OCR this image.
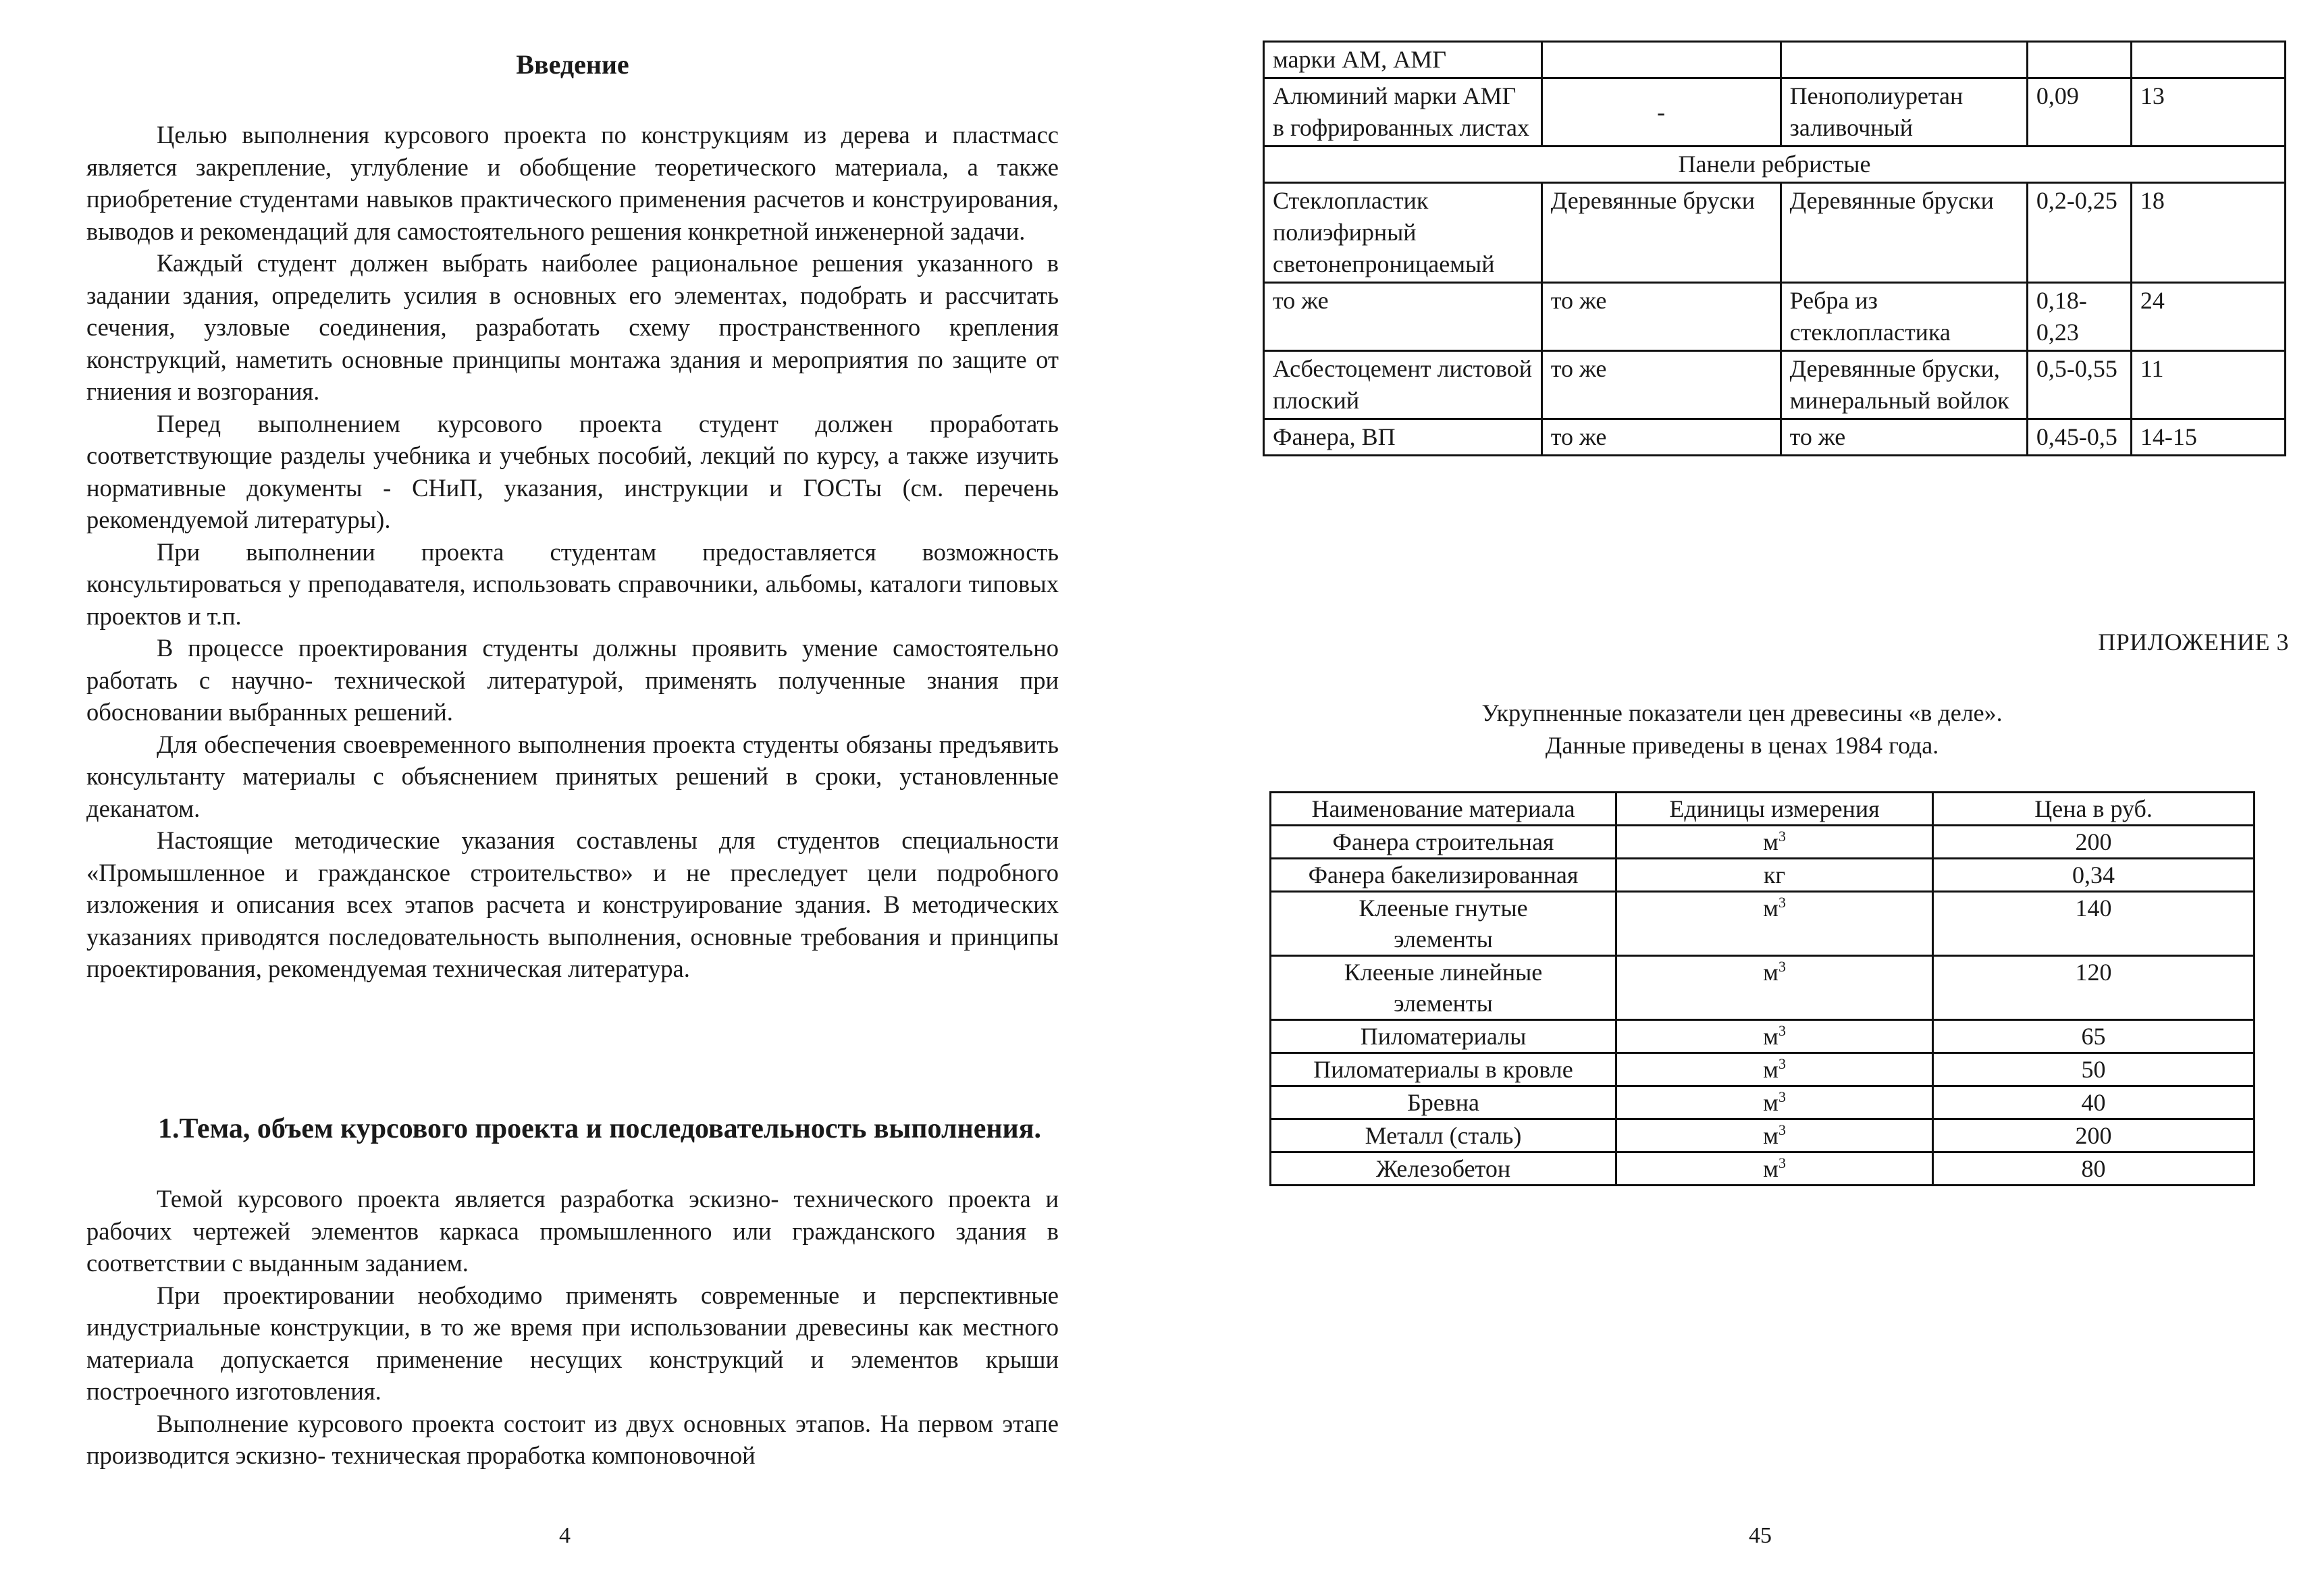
Введение

Целью выполнения курсового проекта по конструкциям из дерева и пластмасс является закрепление, углубление и обобщение теоретического материала, а также приобретение студентами навыков практического применения расчетов и конструирования, выводов и рекомендаций для самостоятельного решения конкретной инженерной задачи.

Каждый студент должен выбрать наиболее рациональное решения указанного в задании здания, определить усилия в основных его элементах, подобрать и рассчитать сечения, узловые соединения, разработать схему пространственного крепления конструкций, наметить основные принципы монтажа здания и мероприятия по защите от гниения и возгорания.

Перед выполнением курсового проекта студент должен проработать соответствующие разделы учебника и учебных пособий, лекций по курсу, а также изучить нормативные документы - СНиП, указания, инструкции и ГОСТы (см. перечень рекомендуемой литературы).

При выполнении проекта студентам предоставляется возможность консультироваться у преподавателя, использовать справочники, альбомы, каталоги типовых проектов и т.п.

В процессе проектирования студенты должны проявить умение самостоятельно работать с научно- технической литературой, применять полученные знания при обосновании выбранных решений.

Для обеспечения своевременного выполнения проекта студенты обязаны предъявить консультанту материалы с объяснением принятых решений в сроки, установленные деканатом.

Настоящие методические указания составлены для студентов специальности «Промышленное и гражданское строительство» и не преследует цели подробного изложения и описания всех этапов расчета и конструирование здания. В методических указаниях приводятся последовательность выполнения, основные требования и принципы проектирования, рекомендуемая техническая литература.

1.Тема, объем курсового проекта и последовательность выполнения.

Темой курсового проекта является разработка эскизно- технического проекта и рабочих чертежей элементов каркаса промышленного или гражданского здания в соответствии с выданным заданием.

При проектировании необходимо применять современные и перспективные индустриальные конструкции, в то же время при использовании древесины как местного материала допускается применение несущих конструкций и элементов крыши построечного изготовления.

Выполнение курсового проекта состоит из двух основных этапов. На первом этапе производится эскизно- техническая проработка компоновочной

4
марки АМ, АМГ				
Алюминий марки АМГ в гофрированных листах	-	Пенополиуретан заливочный	0,09	13
Панели ребристые				
Стеклопластик полиэфирный светонепроницаемый	Деревянные бруски	Деревянные бруски	0,2-0,25	18
то же	то же	Ребра из стеклопластика	0,18-0,23	24
Асбестоцемент листовой плоский	то же	Деревянные бруски, минеральный войлок	0,5-0,55	11
Фанера, ВП	то же	то же	0,45-0,5	14-15
ПРИЛОЖЕНИЕ 3
Укрупненные показатели цен древесины «в деле».
Данные приведены в ценах 1984 года.
Наименование материала	Единицы измерения	Цена в руб.
Фанера строительная	$м^3$	200
Фанера бакелизированная	кг	0,34
Клееные гнутые элементы	$м^3$	140
Клееные линейные элементы	$м^3$	120
Пиломатериалы	$м^3$	65
Пиломатериалы в кровле	$м^3$	50
Бревна	$м^3$	40
Металл (сталь)	$м^3$	200
Железобетон	$м^3$	80
45
